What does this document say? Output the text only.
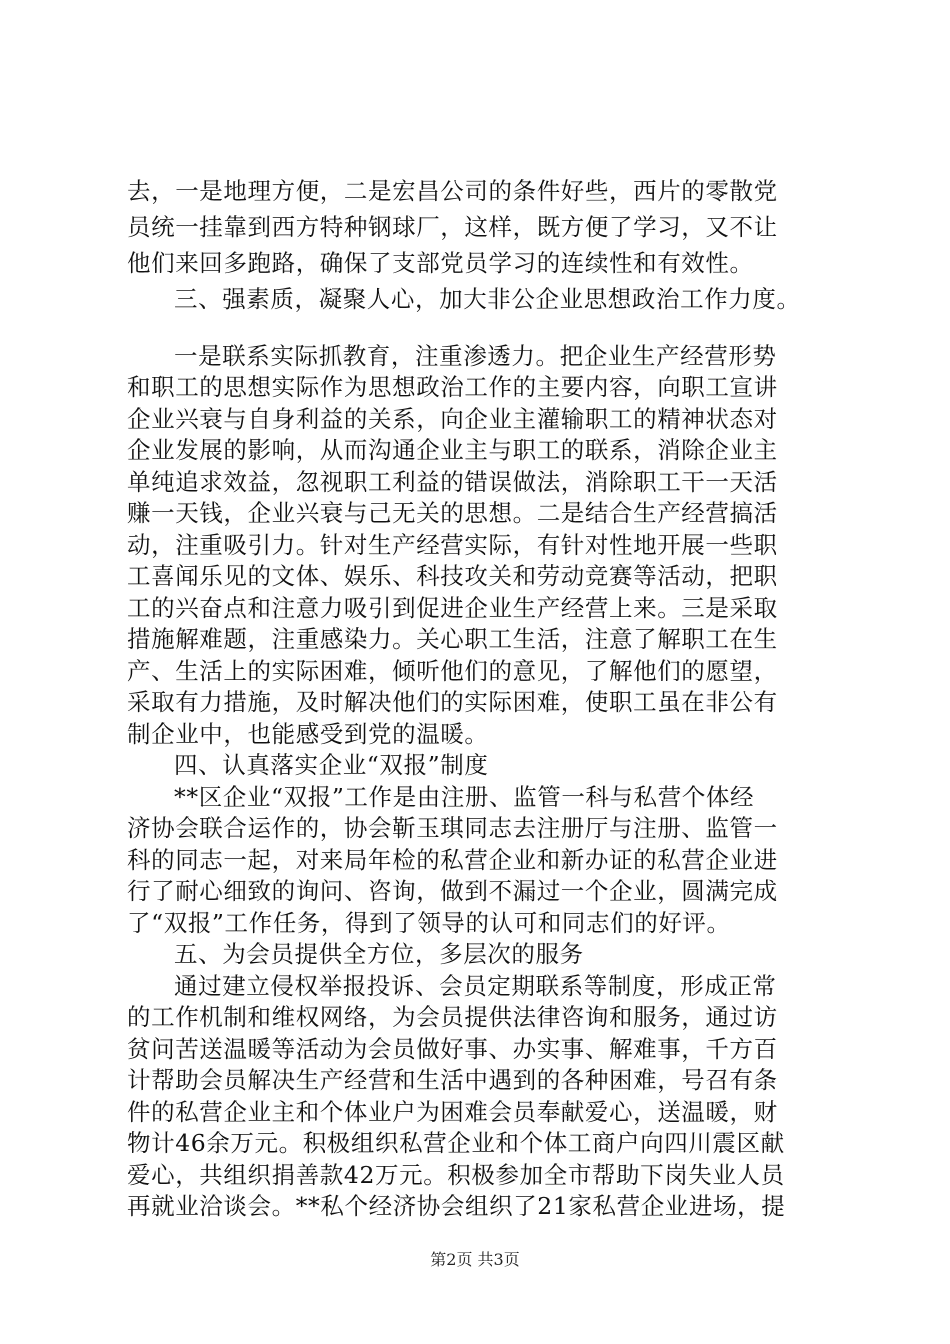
去，一是地理方便，二是宏昌公司的条件好些，西片的零散党
员统一挂靠到西方特种钢球厂，这样，既方便了学习，又不让
他们来回多跑路，确保了支部党员学习的连续性和有效性。
三、强素质，凝聚人心，加大非公企业思想政治工作力度。
一是联系实际抓教育，注重渗透力。把企业生产经营形势
和职工的思想实际作为思想政治工作的主要内容，向职工宣讲
企业兴衰与自身利益的关系，向企业主灌输职工的精神状态对
企业发展的影响，从而沟通企业主与职工的联系，消除企业主
单纯追求效益，忽视职工利益的错误做法，消除职工干一天活
赚一天钱，企业兴衰与己无关的思想。二是结合生产经营搞活
动，注重吸引力。针对生产经营实际，有针对性地开展一些职
工喜闻乐见的文体、娱乐、科技攻关和劳动竞赛等活动，把职
工的兴奋点和注意力吸引到促进企业生产经营上来。三是采取
措施解难题，注重感染力。关心职工生活，注意了解职工在生
产、生活上的实际困难，倾听他们的意见，了解他们的愿望，
采取有力措施，及时解决他们的实际困难，使职工虽在非公有
制企业中，也能感受到党的温暖。
四、认真落实企业“双报”制度
**区企业“双报”工作是由注册、监管一科与私营个体经
济协会联合运作的，协会靳玉琪同志去注册厅与注册、监管一
科的同志一起，对来局年检的私营企业和新办证的私营企业进
行了耐心细致的询问、咨询，做到不漏过一个企业，圆满完成
了“双报”工作任务，得到了领导的认可和同志们的好评。
五、为会员提供全方位，多层次的服务
通过建立侵权举报投诉、会员定期联系等制度，形成正常
的工作机制和维权网络，为会员提供法律咨询和服务，通过访
贫问苦送温暖等活动为会员做好事、办实事、解难事，千方百
计帮助会员解决生产经营和生活中遇到的各种困难，号召有条
件的私营企业主和个体业户为困难会员奉献爱心，送温暖，财
物计46余万元。积极组织私营企业和个体工商户向四川震区献
爱心，共组织捐善款42万元。积极参加全市帮助下岗失业人员
再就业洽谈会。**私个经济协会组织了21家私营企业进场，提
第2页 共3页
